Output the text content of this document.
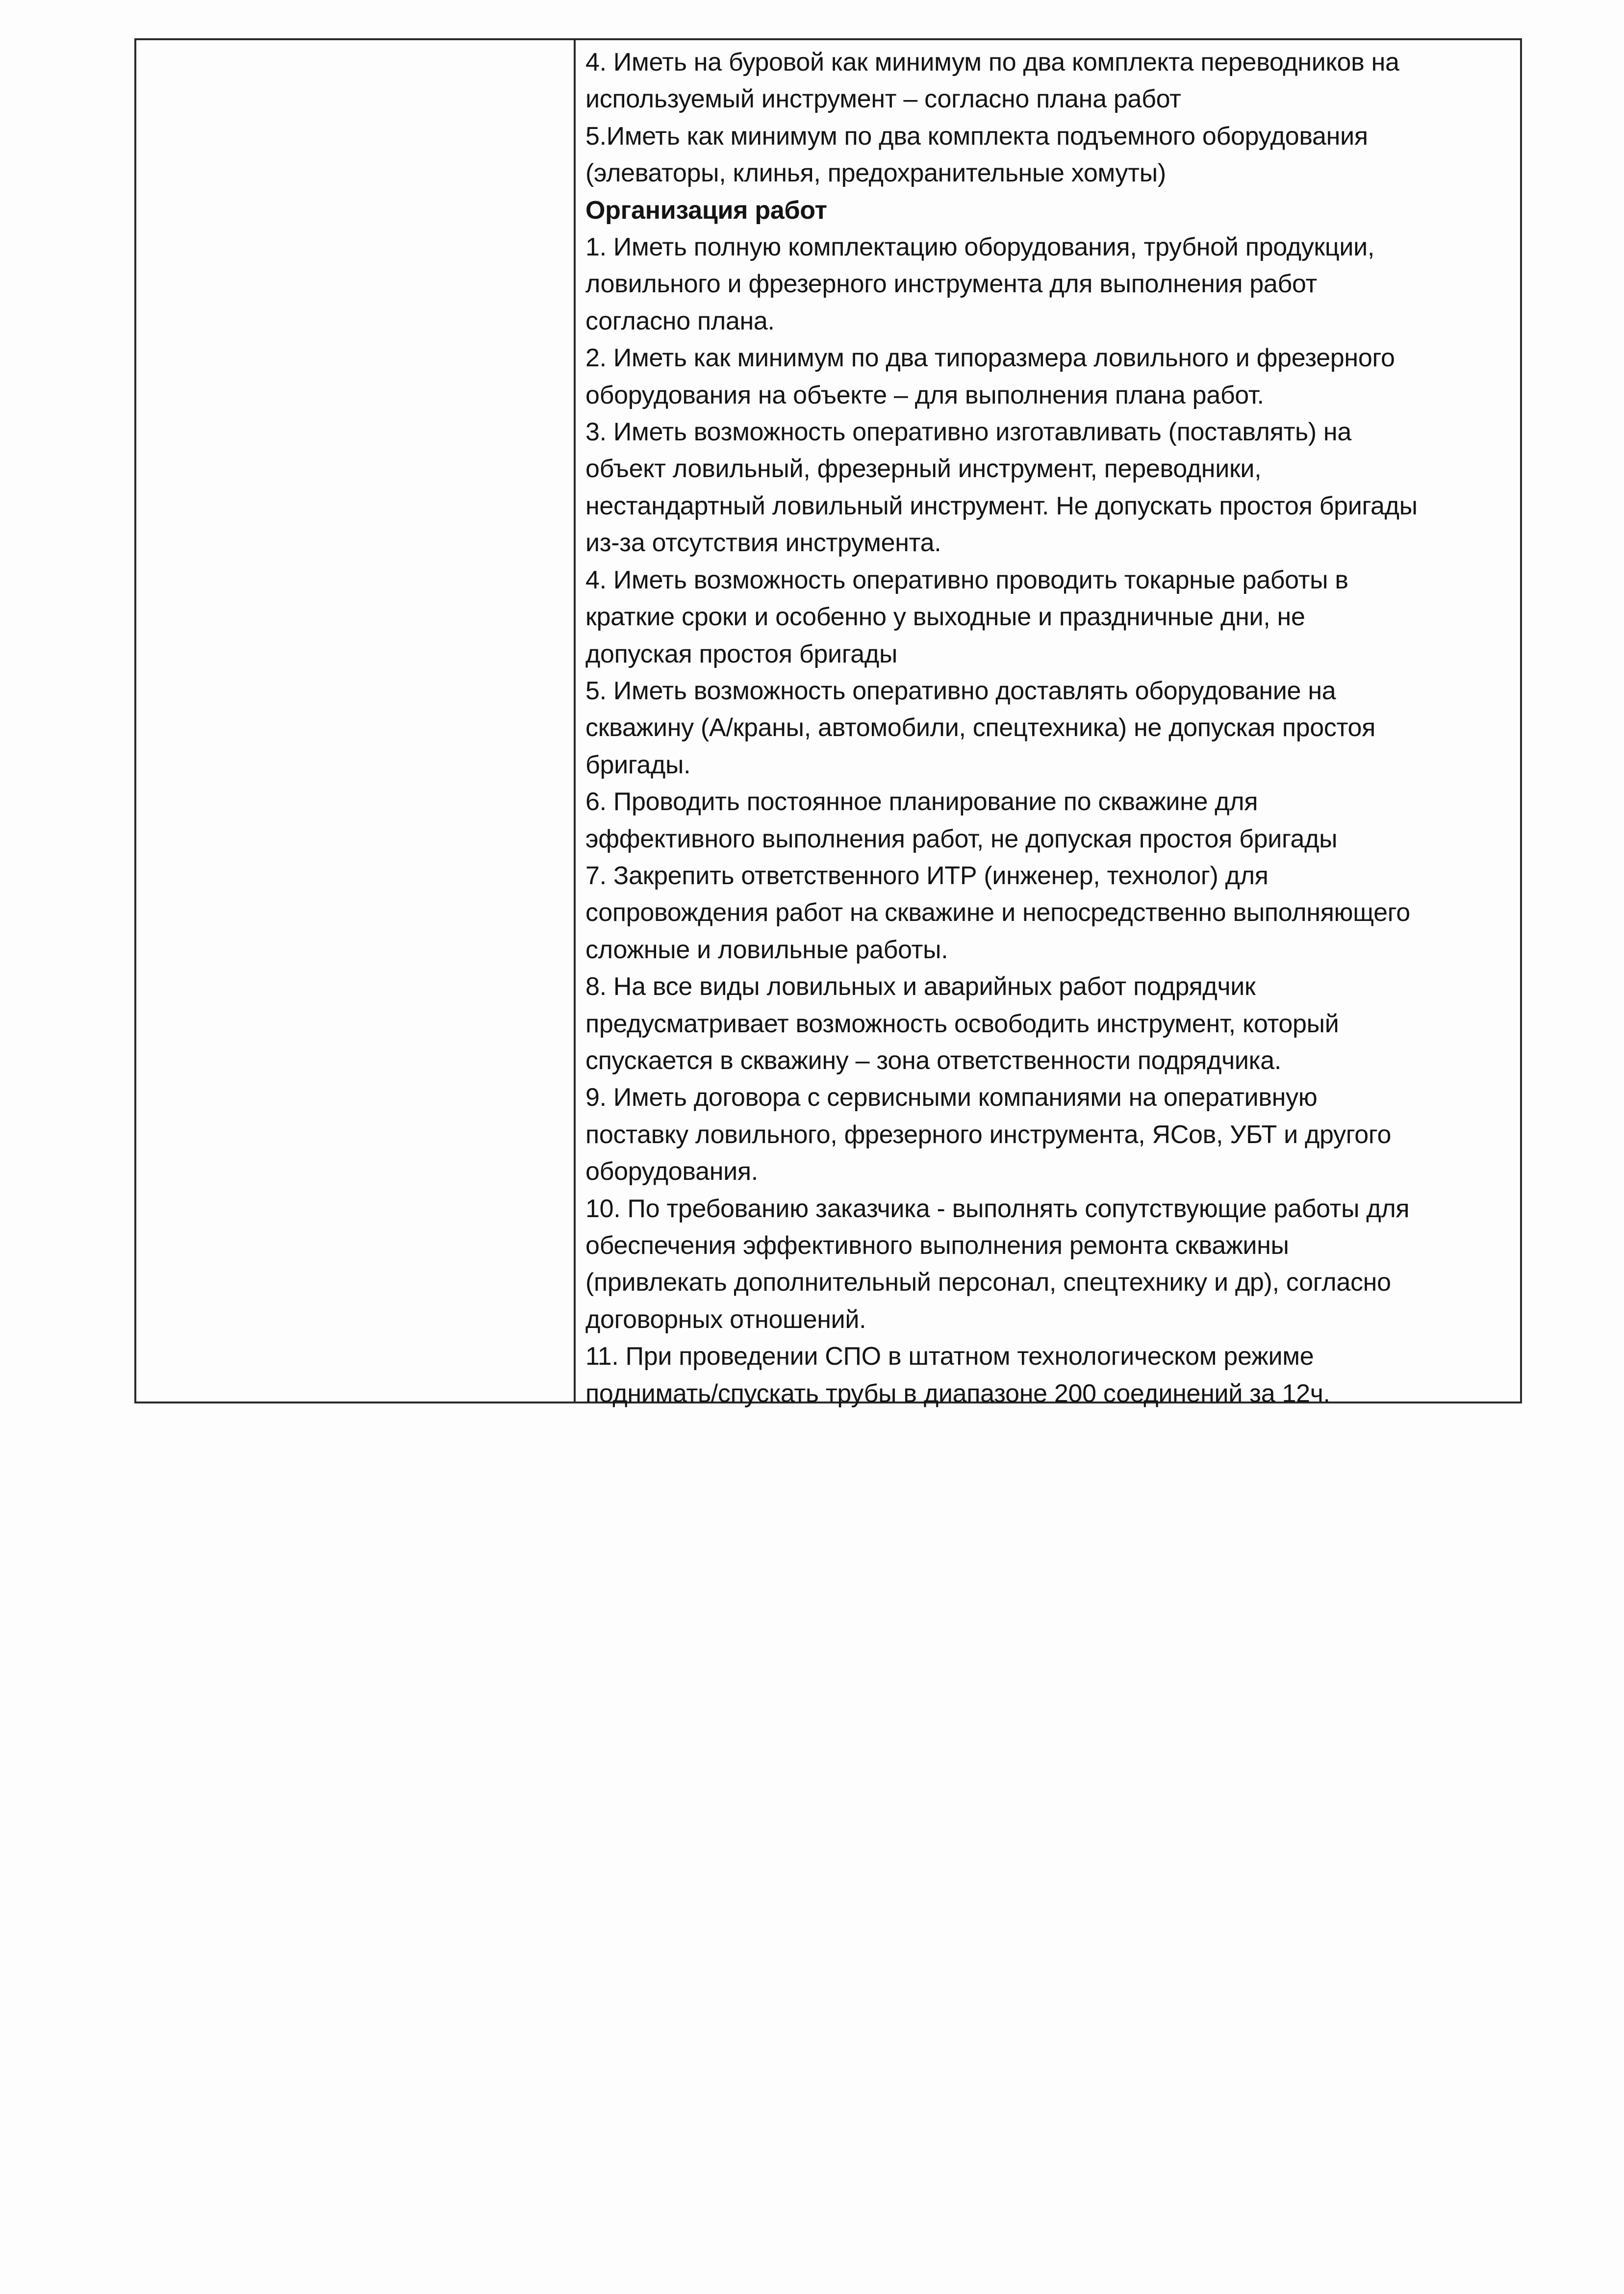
4. Иметь на буровой как минимум по два комплекта переводников на
используемый инструмент – согласно плана работ
5.Иметь как минимум по два комплекта подъемного оборудования
(элеваторы, клинья, предохранительные хомуты)
Организация работ
1. Иметь полную комплектацию оборудования, трубной продукции,
ловильного и фрезерного инструмента для выполнения работ
согласно плана.
2. Иметь как минимум по два типоразмера ловильного и фрезерного
оборудования на объекте – для выполнения плана работ.
3. Иметь возможность оперативно изготавливать (поставлять) на
объект ловильный, фрезерный инструмент, переводники,
нестандартный ловильный инструмент. Не допускать простоя бригады
из-за отсутствия инструмента.
4. Иметь возможность оперативно проводить токарные работы в
краткие сроки и особенно у выходные и праздничные дни, не
допуская простоя бригады
5. Иметь возможность оперативно доставлять оборудование на
скважину (А/краны, автомобили, спецтехника) не допуская простоя
бригады.
6. Проводить постоянное планирование по скважине для
эффективного выполнения работ, не допуская простоя бригады
7. Закрепить ответственного ИТР (инженер, технолог) для
сопровождения работ на скважине и непосредственно выполняющего
сложные и ловильные работы.
8. На все виды ловильных и аварийных работ подрядчик
предусматривает возможность освободить инструмент, который
спускается в скважину – зона ответственности подрядчика.
9. Иметь договора с сервисными компаниями на оперативную
поставку ловильного, фрезерного инструмента, ЯСов, УБТ и другого
оборудования.
10. По требованию заказчика - выполнять сопутствующие работы для
обеспечения эффективного выполнения ремонта скважины
(привлекать дополнительный персонал, спецтехнику и др), согласно
договорных отношений.
11. При проведении СПО в штатном технологическом режиме
поднимать/спускать трубы в диапазоне 200 соединений за 12ч.
